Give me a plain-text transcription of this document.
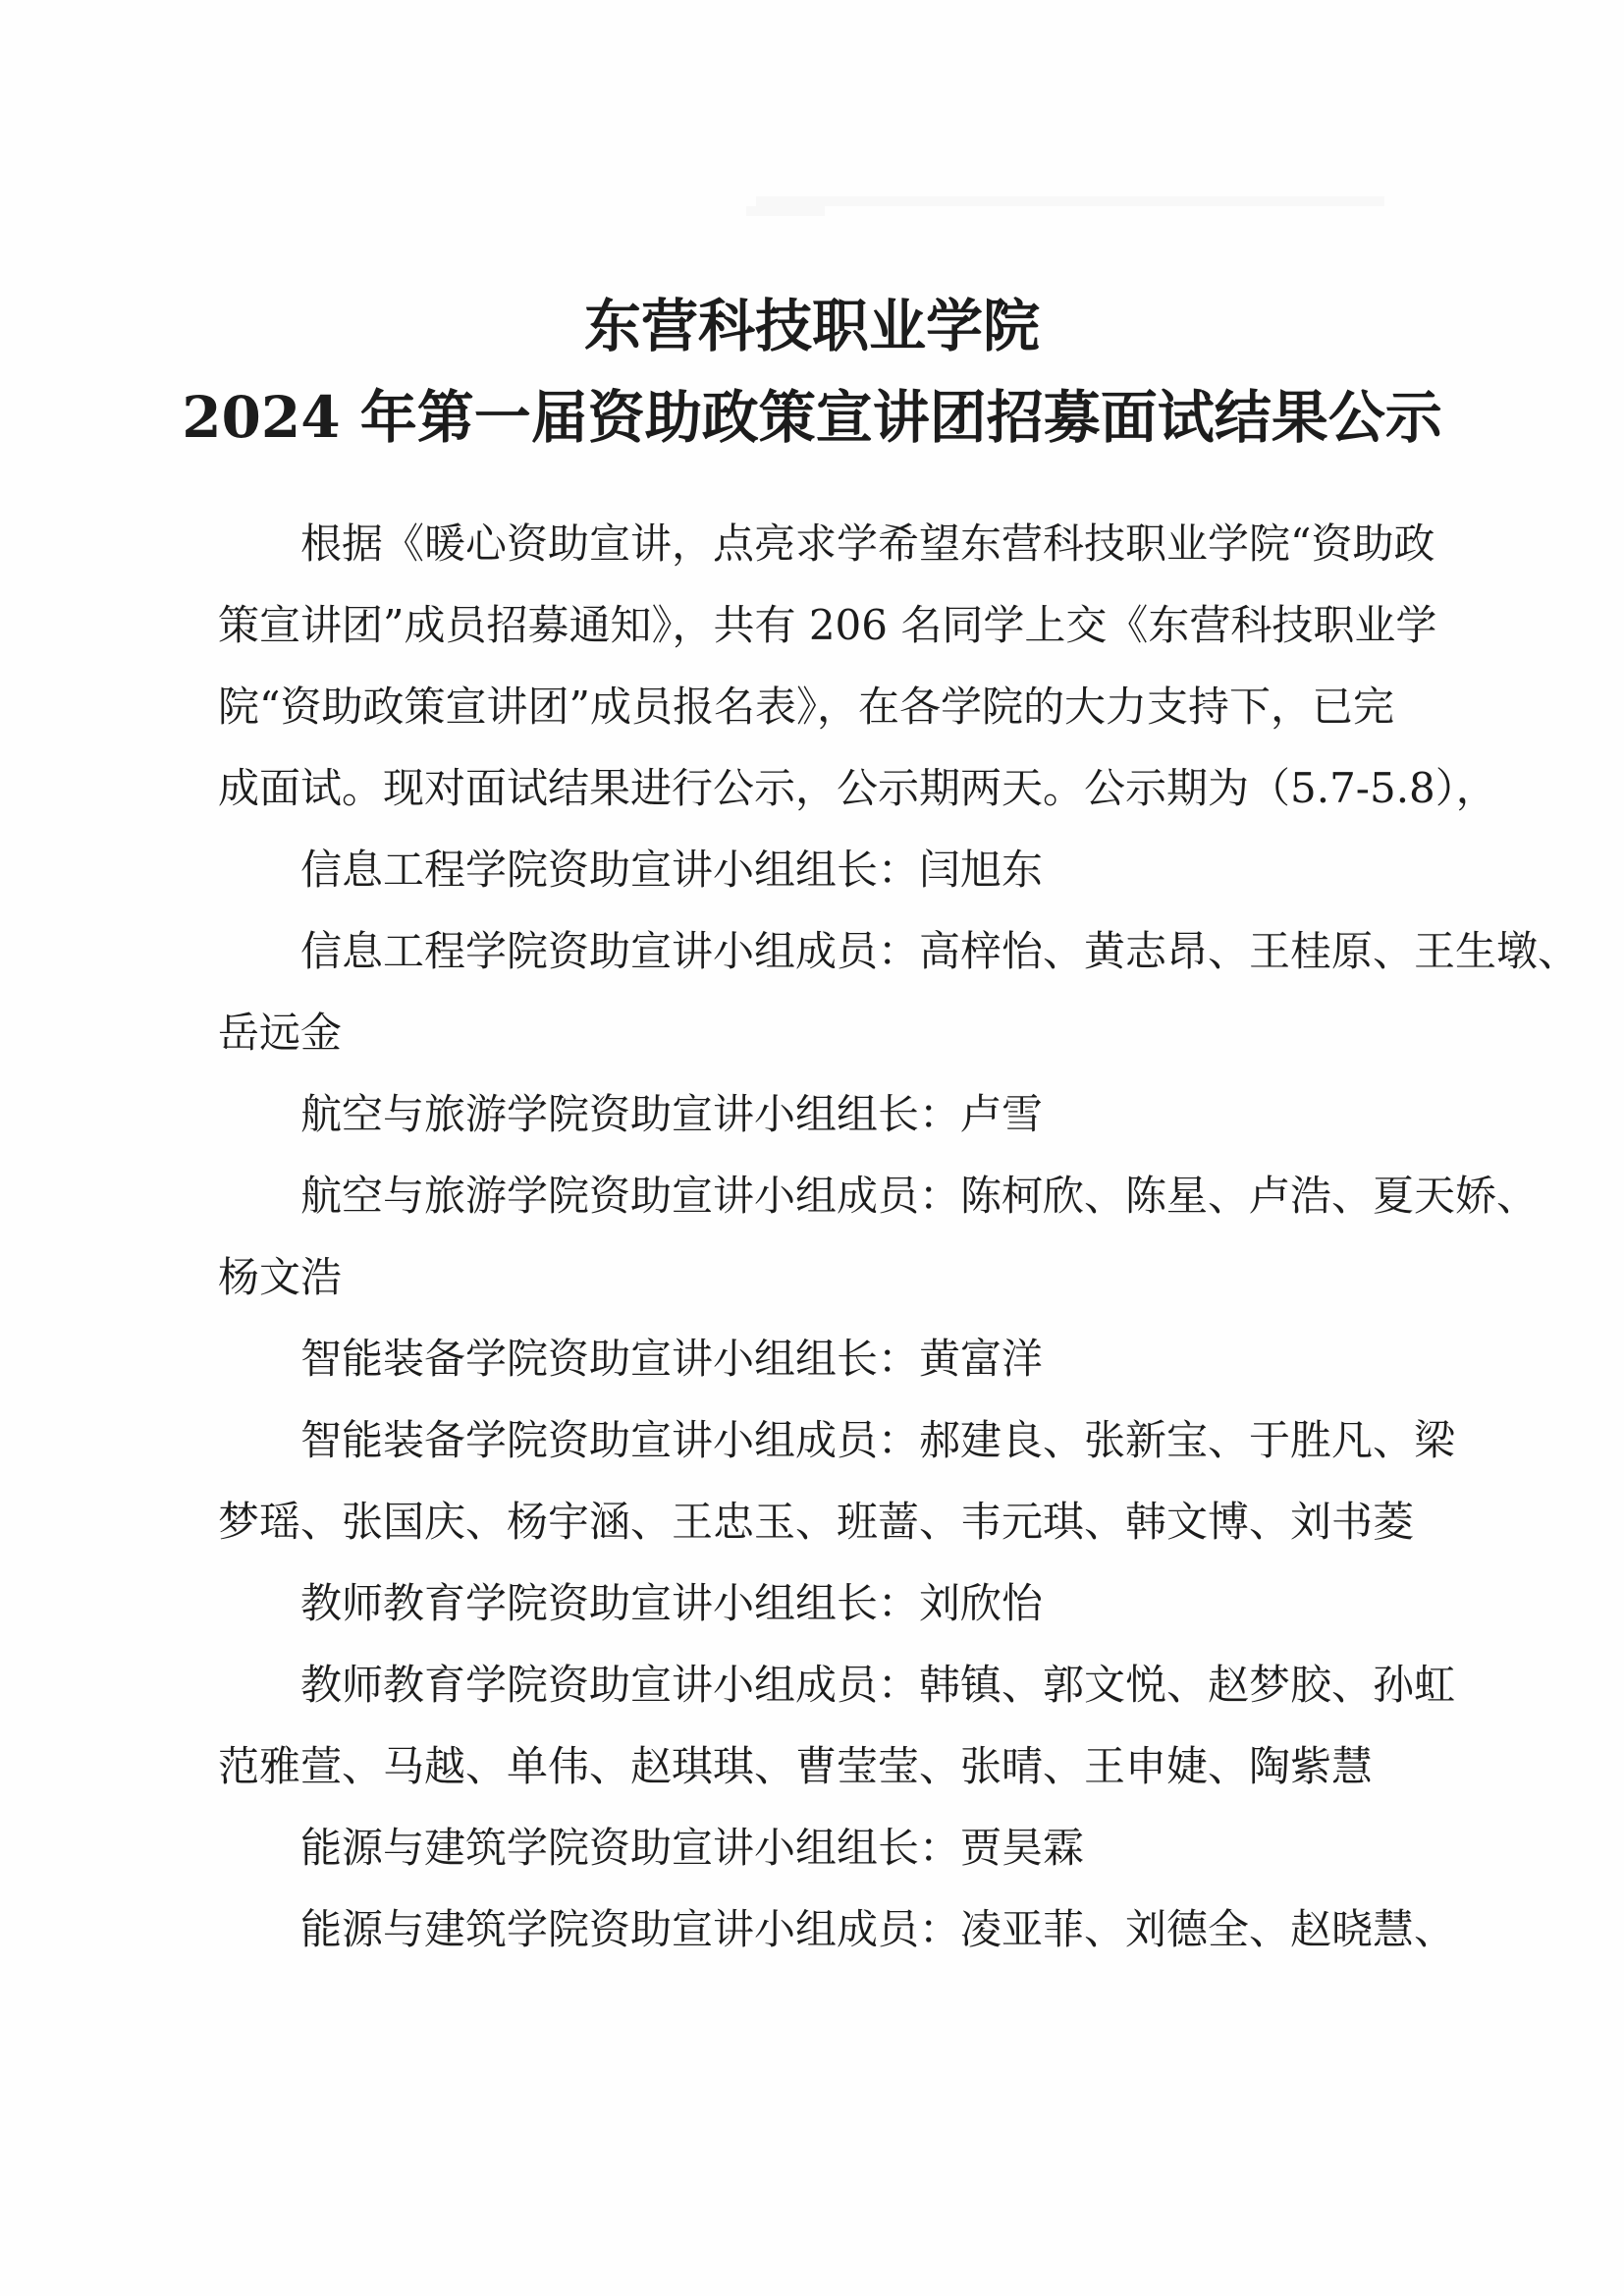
东营科技职业学院
2024 年第一届资助政策宣讲团招募面试结果公示
根据《暖心资助宣讲，点亮求学希望东营科技职业学院“资助政
策宣讲团”成员招募通知》，共有 206 名同学上交《东营科技职业学
院“资助政策宣讲团”成员报名表》，在各学院的大力支持下，已完
成面试。现对面试结果进行公示，公示期两天。公示期为（5.7-5.8），
信息工程学院资助宣讲小组组长：闫旭东
信息工程学院资助宣讲小组成员：高梓怡、黄志昂、王桂原、王生墩、
岳远金
航空与旅游学院资助宣讲小组组长：卢雪
航空与旅游学院资助宣讲小组成员：陈柯欣、陈星、卢浩、夏天娇、
杨文浩
智能装备学院资助宣讲小组组长：黄富洋
智能装备学院资助宣讲小组成员：郝建良、张新宝、于胜凡、梁
梦瑶、张国庆、杨宇涵、王忠玉、班蔷、韦元琪、韩文博、刘书菱
教师教育学院资助宣讲小组组长：刘欣怡
教师教育学院资助宣讲小组成员：韩镇、郭文悦、赵梦胶、孙虹
范雅萱、马越、单伟、赵琪琪、曹莹莹、张晴、王申婕、陶紫慧
能源与建筑学院资助宣讲小组组长：贾昊霖
能源与建筑学院资助宣讲小组成员：凌亚菲、刘德全、赵晓慧、
